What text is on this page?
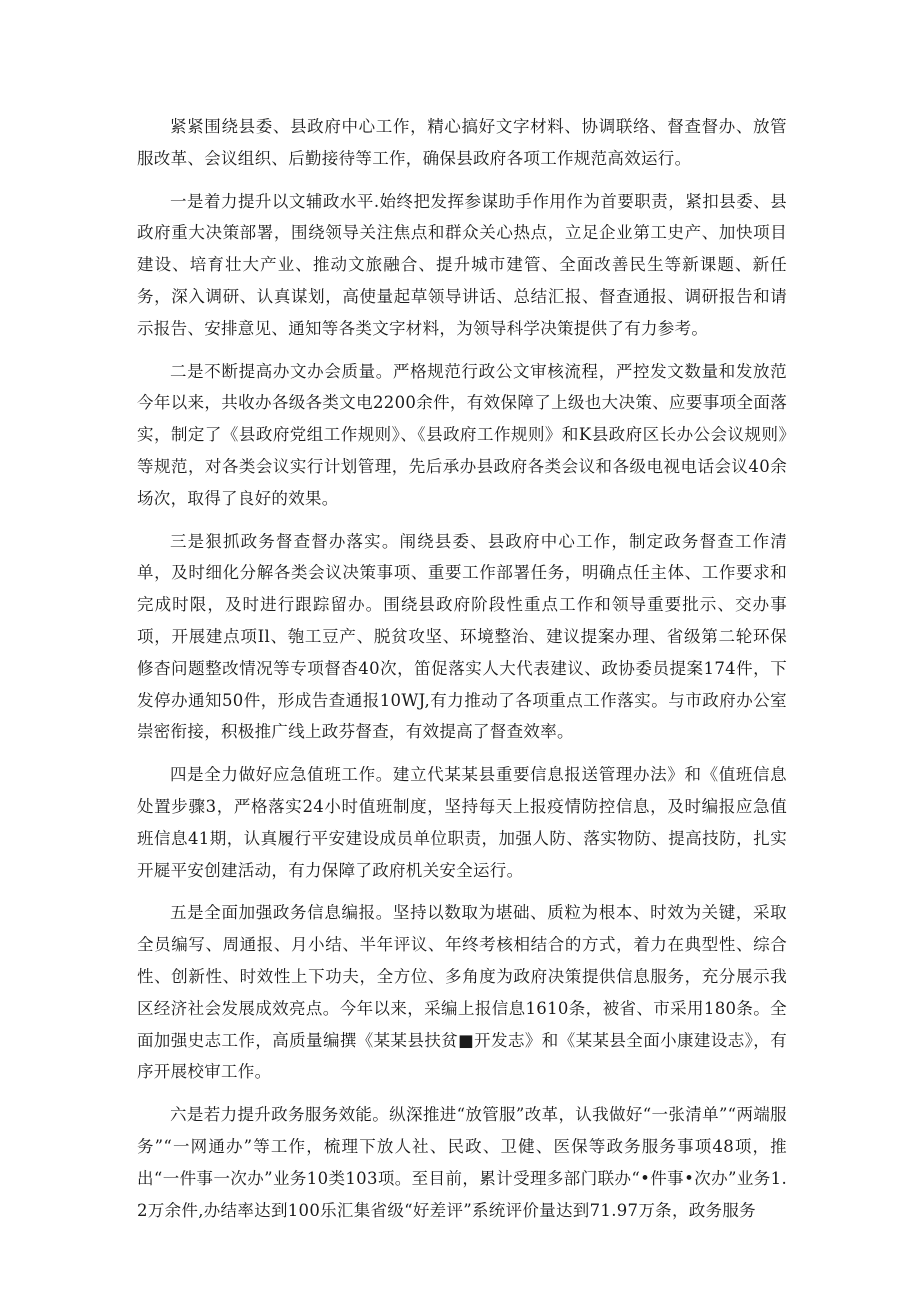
紧紧围绕县委、县政府中心工作，精心搞好文字材料、协调联络、督查督办、放管服改革、会议组织、后勤接待等工作，确保县政府各项工作规范高效运行。

一是着力提升以文辅政水平.始终把发挥参谋助手作用作为首要职责，紧扣县委、县政府重大决策部署，围绕领导关注焦点和群众关心热点，立足企业第工史产、加快项目建设、培育壮大产业、推动文旅融合、提升城市建管、全面改善民生等新课题、新任务，深入调研、认真谋划，高使量起草领导讲话、总结汇报、督查通报、调研报告和请示报告、安排意见、通知等各类文字材料，为领导科学决策提供了有力参考。

二是不断提高办文办会质量。严格规范行政公文审核流程，严控发文数量和发放范今年以来，共收办各级各类文电2200余件，有效保障了上级也大决策、应要事项全面落实，制定了《县政府党组工作规则》、《县政府工作规则》和K县政府区长办公会议规则》等规范，对各类会议实行计划管理，先后承办县政府各类会议和各级电视电话会议40余场次，取得了良好的效果。

三是狠抓政务督查督办落实。闱绕县委、县政府中心工作，制定政务督查工作清单，及时细化分解各类会议决策事项、重要工作部署任务，明确点任主体、工作要求和完成时限，及时进行跟踪留办。围绕县政府阶段性重点工作和领导重要批示、交办事项，开展建点项Il、匏工豆产、脱贫攻坚、环境整治、建议提案办理、省级第二轮环保修杳问题整改情况等专项督杳40次，笛促落实人大代表建议、政协委员提案174件，下发停办通知50件，形成告查通报10WJ,有力推动了各项重点工作落实。与市政府办公室崇密衔接，积极推广线上政芬督查，有效提高了督查效率。

四是全力做好应急值班工作。建立代某某县重要信息报送管理办法》和《值班信息处置步骤3，严格落实24小时值班制度，坚持每天上报疫情防控信息，及时编报应急值班信息41期，认真履行平安建设成员单位职责，加强人防、落实物防、提高技防，扎实开屣平安创建活动，有力保障了政府机关安全运行。

五是全面加强政务信息编报。坚持以数取为堪础、质粒为根本、时效为关键，采取全员编写、周通报、月小结、半年评议、年终考核相结合的方式，着力在典型性、综合性、创新性、时效性上下功夫，全方位、多角度为政府决策提供信息服务，充分展示我区经济社会发展成效亮点。今年以来，采编上报信息1610条，被省、市采用180条。全面加强史志工作，高质量编撰《某某县扶贫■开发志》和《某某县全面小康建设志》，有序开展校审工作。

六是若力提升政务服务效能。纵深推进“放管服”改革，认我做好“一张清单”“两端服务”“一网通办”等工作，梳理下放人社、民政、卫健、医保等政务服务事项48项，推出“一件事一次办”业务10类103项。至目前，累计受理多部门联办“•件事•次办”业务1.2万余件,办结率达到100乐汇集省级“好差评”系统评价量达到71.97万条，政务服务
